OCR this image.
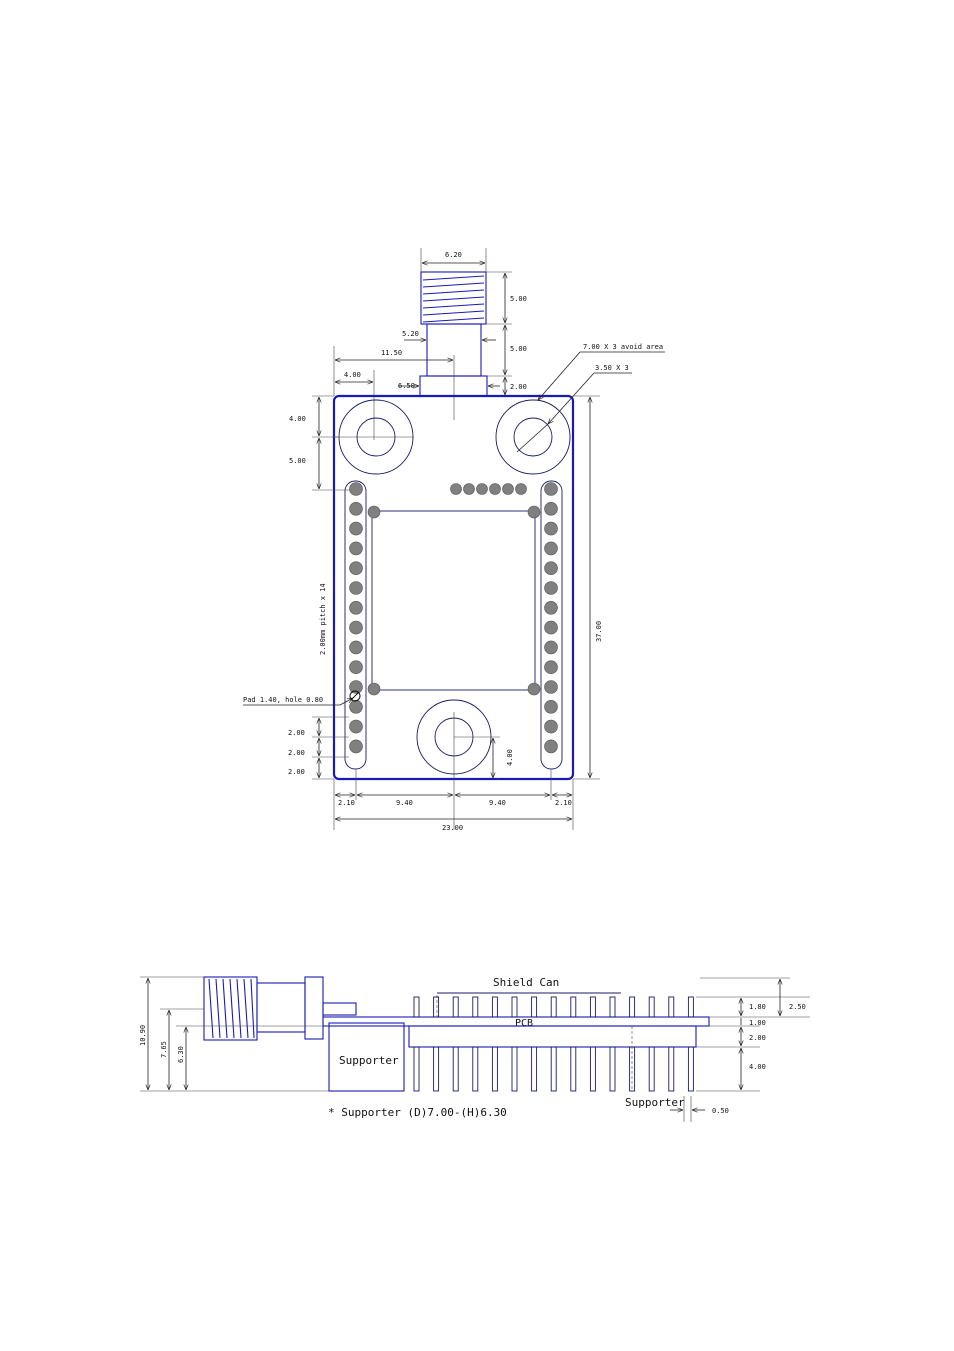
6.20
5.00
5.00
2.00
5.20
11.50
6.50
4.00
7.00 X 3 avoid area
3.50 X 3
4.00
5.00
2.00mm pitch x 14
Pad 1.40, hole 0.80
2.00
2.00
2.00
4.00
37.00
2.10	9.40	9.40	2.10
23.00
Supporter
PCB
Shield Can
Supporter
0.50
* Supporter (D)7.00-(H)6.30
10.90
7.65 6.30
1.80	2.50
1.00
2.00
4.00
